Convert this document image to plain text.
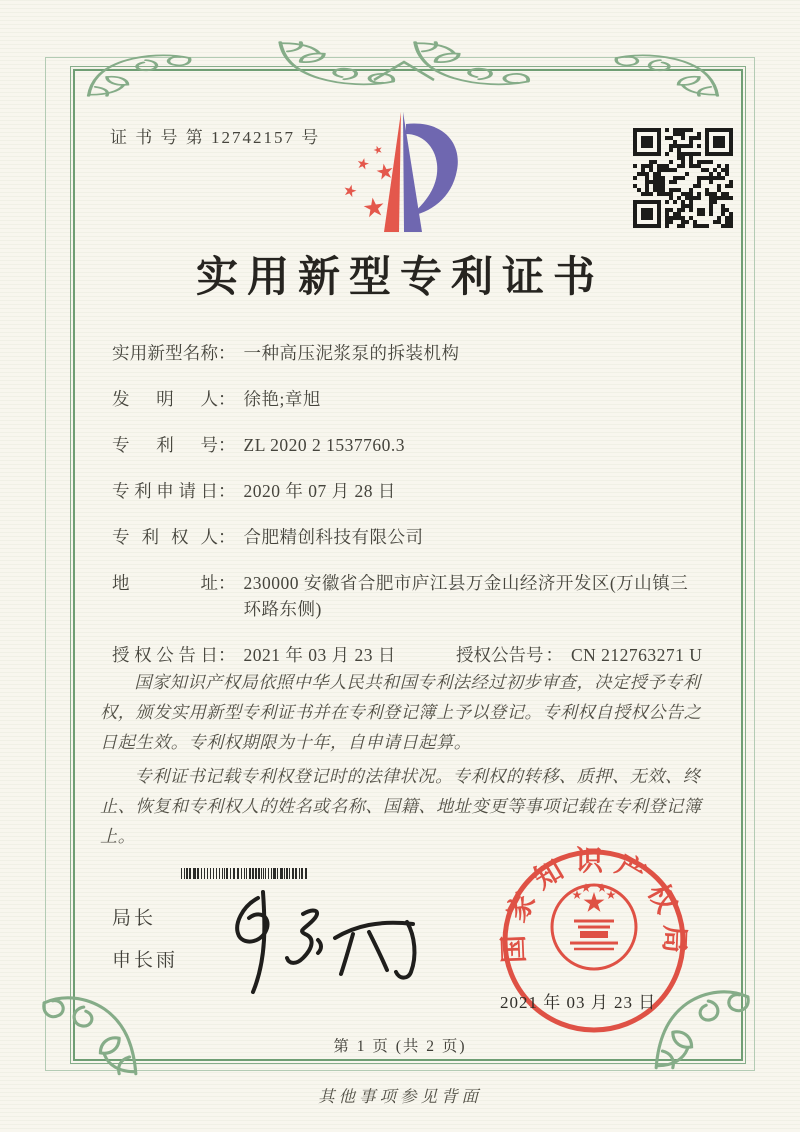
证 书 号 第 12742157 号
实用新型专利证书
实用新型名称 ： 一种高压泥浆泵的拆装机构
发明人 ： 徐艳;章旭
专利号 ： ZL 2020 2 1537760.3
专利申请日 ： 2020 年 07 月 28 日
专利权人 ： 合肥精创科技有限公司
地址 ： 230000 安徽省合肥市庐江县万金山经济开发区(万山镇三环路东侧)
授权公告日 ： 2021 年 03 月 23 日	授权公告号 ： CN 212763271 U

国家知识产权局依照中华人民共和国专利法经过初步审查，决定授予专利权，颁发实用新型专利证书并在专利登记簿上予以登记。专利权自授权公告之日起生效。专利权期限为十年，自申请日起算。

专利证书记载专利权登记时的法律状况。专利权的转移、质押、无效、终止、恢复和专利权人的姓名或名称、国籍、地址变更等事项记载在专利登记簿上。

局长
申长雨	国家知识产权局
2021 年 03 月 23 日
第 1 页 (共 2 页)
其他事项参见背面
